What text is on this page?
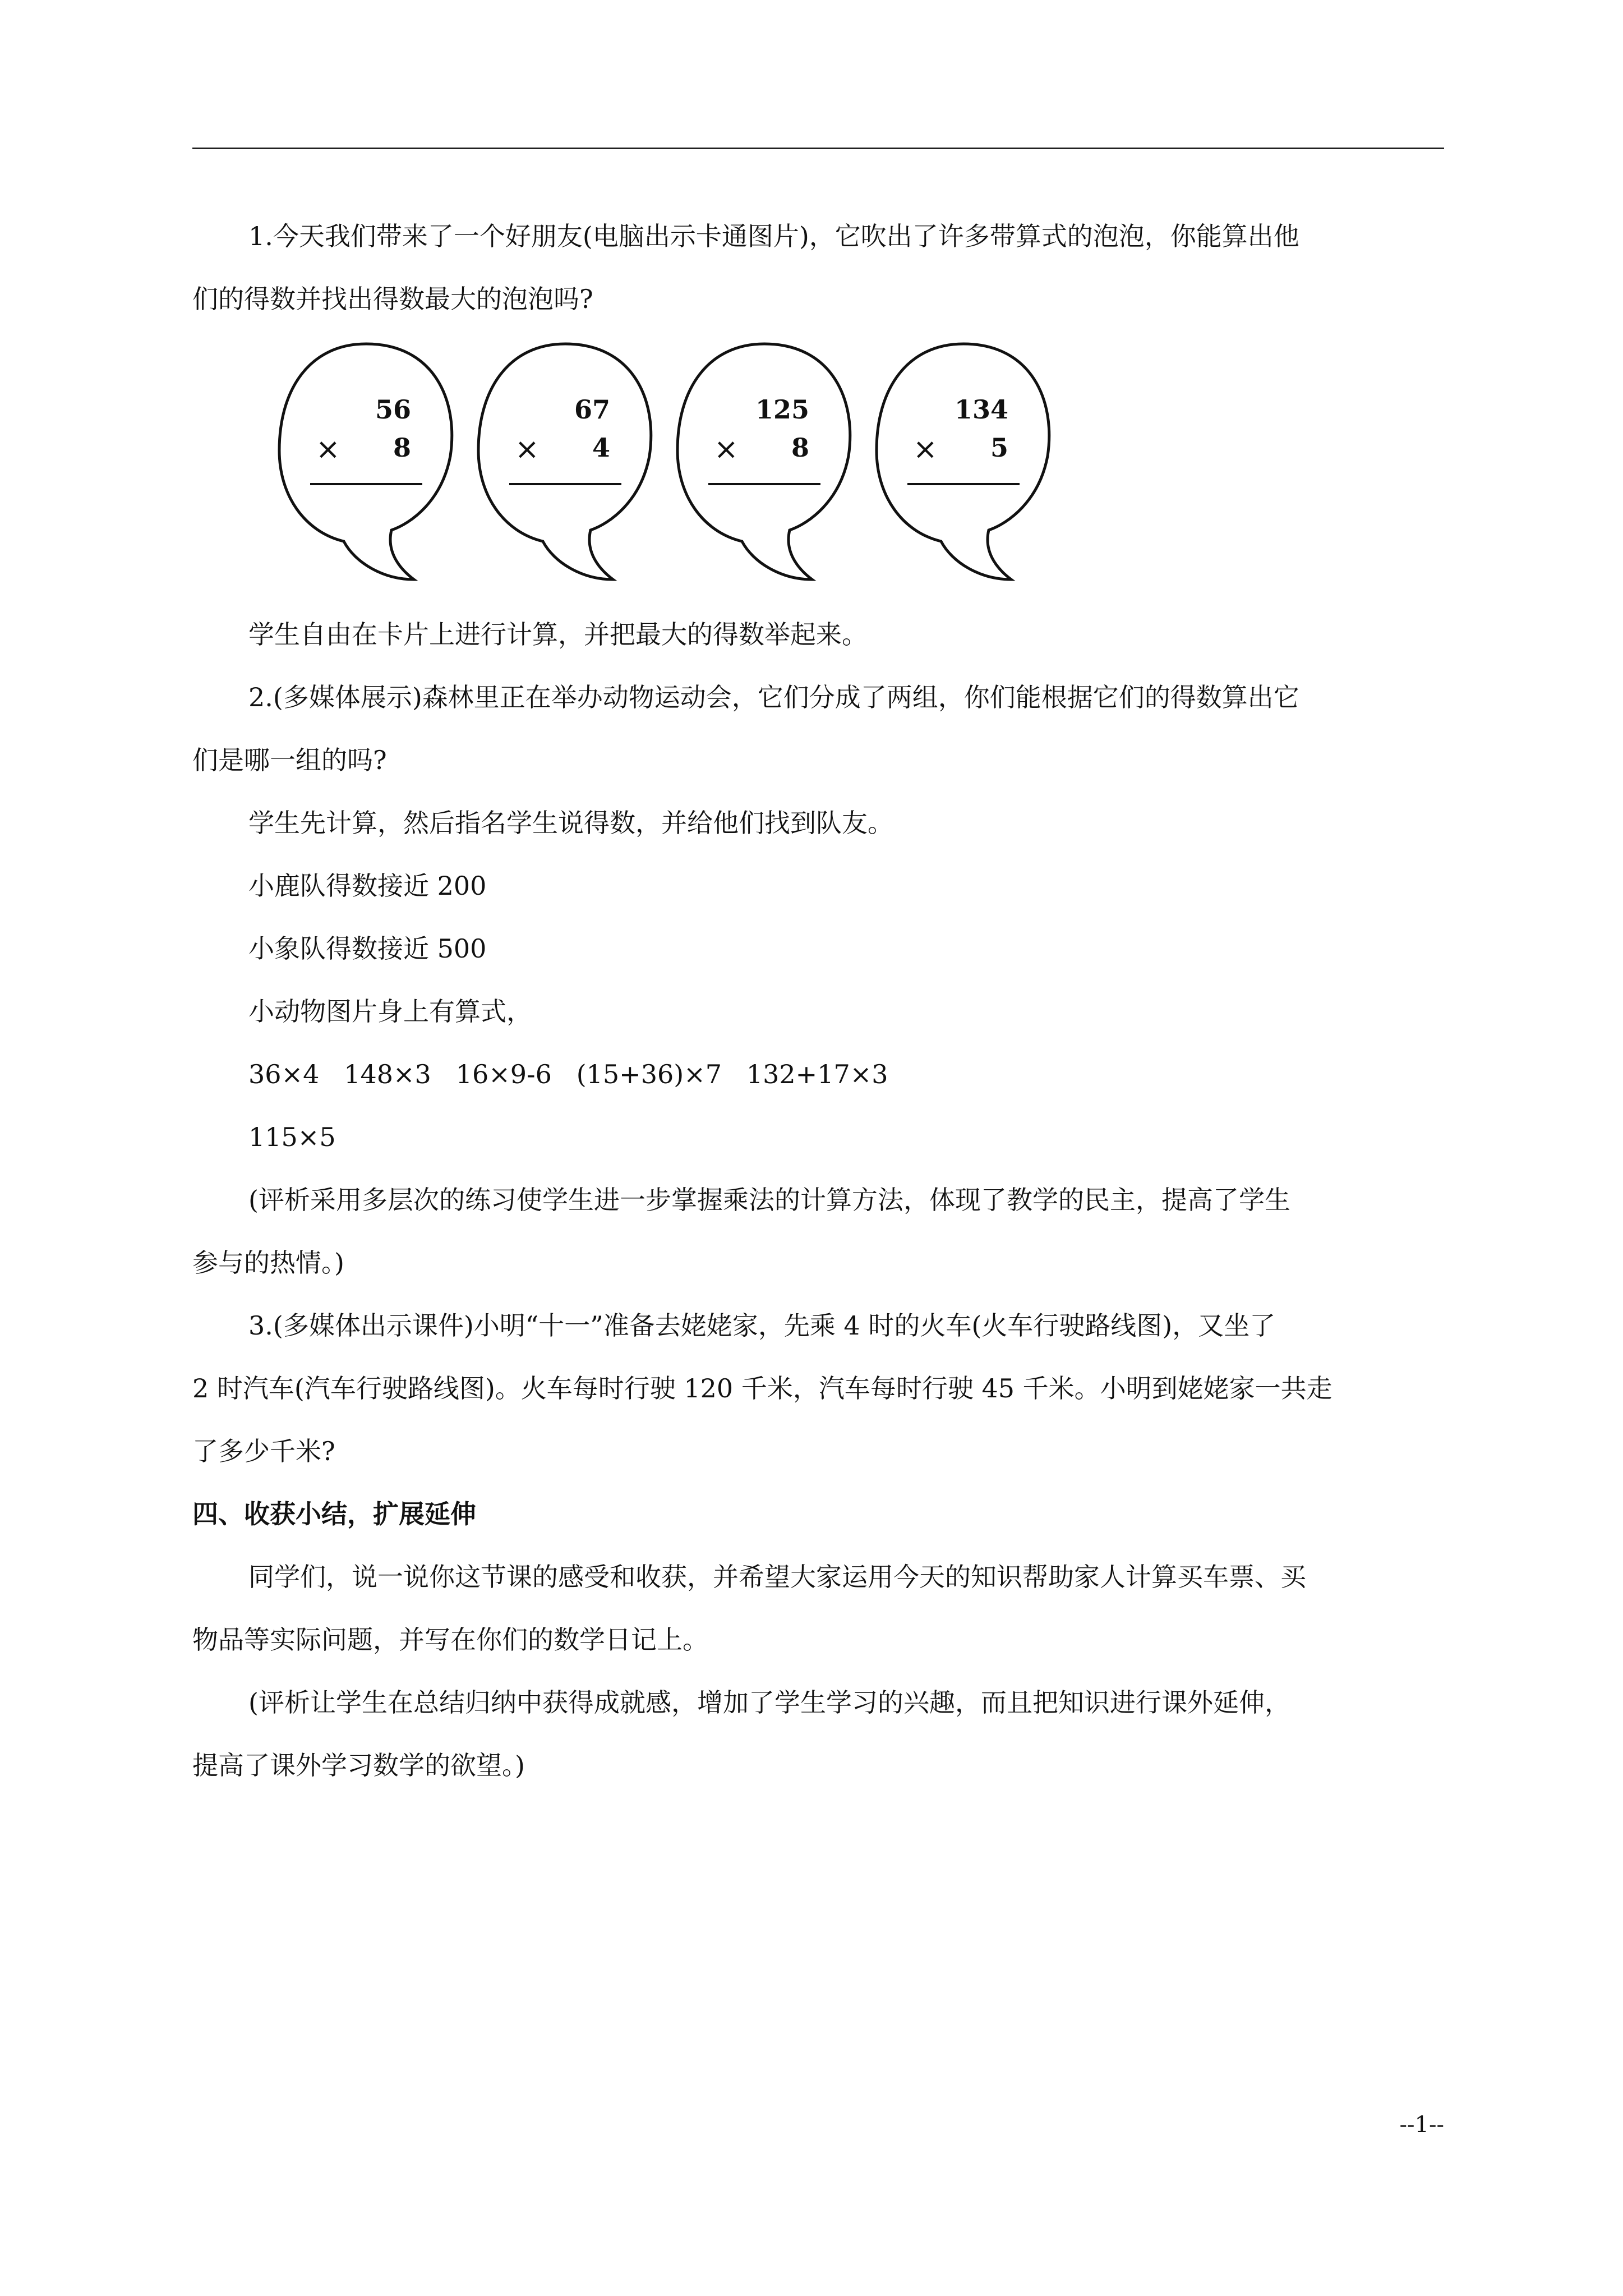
1.今天我们带来了一个好朋友(电脑出示卡通图片)，它吹出了许多带算式的泡泡，你能算出他

们的得数并找出得数最大的泡泡吗?

56
× 8
67
× 4
125
× 8
134
× 5

学生自由在卡片上进行计算，并把最大的得数举起来。

2.(多媒体展示)森林里正在举办动物运动会，它们分成了两组，你们能根据它们的得数算出它

们是哪一组的吗?

学生先计算，然后指名学生说得数，并给他们找到队友。

小鹿队得数接近 200

小象队得数接近 500

小动物图片身上有算式，

36×4   148×3   16×9-6   (15+36)×7   132+17×3

115×5

(评析采用多层次的练习使学生进一步掌握乘法的计算方法，体现了教学的民主，提高了学生

参与的热情。)

3.(多媒体出示课件)小明“十一”准备去姥姥家，先乘 4 时的火车(火车行驶路线图)，又坐了

2 时汽车(汽车行驶路线图)。火车每时行驶 120 千米，汽车每时行驶 45 千米。小明到姥姥家一共走

了多少千米?

四、收获小结，扩展延伸

同学们，说一说你这节课的感受和收获，并希望大家运用今天的知识帮助家人计算买车票、买

物品等实际问题，并写在你们的数学日记上。

(评析让学生在总结归纳中获得成就感，增加了学生学习的兴趣，而且把知识进行课外延伸，

提高了课外学习数学的欲望。)

--1--
